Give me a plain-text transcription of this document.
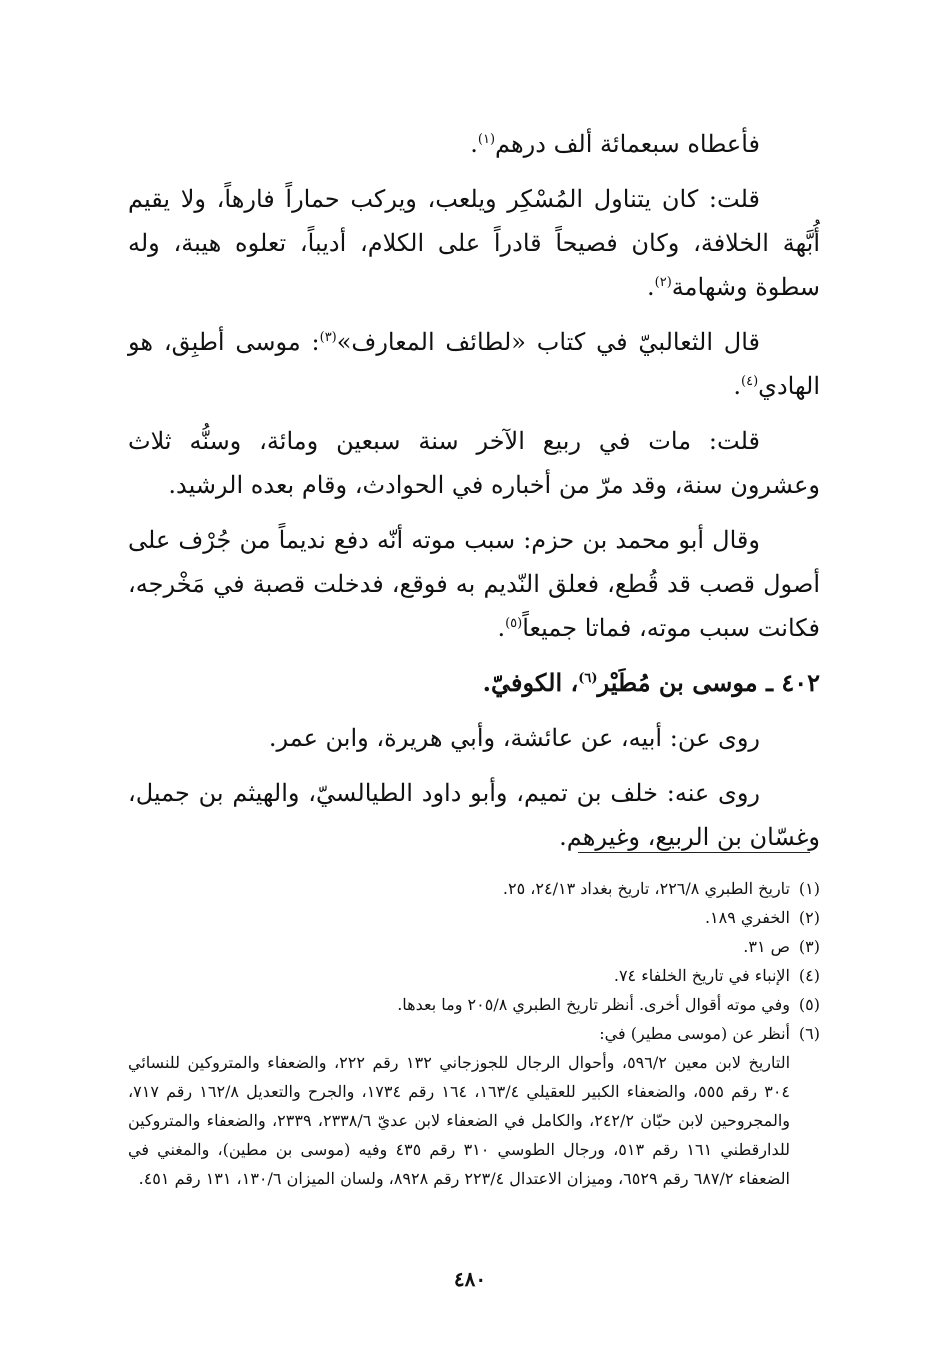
فأعطاه سبعمائة ألف درهم$^{(١)}$.

قلت: كان يتناول المُسْكِر ويلعب، ويركب حماراً فارهاً، ولا يقيم أُبَّهة الخلافة، وكان فصيحاً قادراً على الكلام، أديباً، تعلوه هيبة، وله سطوة وشهامة$^{(٢)}$.

قال الثعالبيّ في كتاب «لطائف المعارف»$^{(٣)}$: موسى أطبِق، هو الهادي$^{(٤)}$.

قلت: مات في ربيع الآخر سنة سبعين ومائة، وسنُّه ثلاث وعشرون سنة، وقد مرّ من أخباره في الحوادث، وقام بعده الرشيد.

وقال أبو محمد بن حزم: سبب موته أنّه دفع نديماً من جُرْف على أصول قصب قد قُطع، فعلق النّديم به فوقع، فدخلت قصبة في مَخْرجه، فكانت سبب موته، فماتا جميعاً$^{(٥)}$.

٤٠٢ ـ موسى بن مُطَيْر$^{(٦)}$، الكوفيّ.

روى عن: أبيه، عن عائشة، وأبي هريرة، وابن عمر.

روى عنه: خلف بن تميم، وأبو داود الطيالسيّ، والهيثم بن جميل، وغسّان بن الربيع، وغيرهم.

(١)
تاريخ الطبري ٢٢٦/٨، تاريخ بغداد ٢٤/١٣، ٢٥.
(٢)
الخفري ١٨٩.
(٣)
ص ٣١.
(٤)
الإنباء في تاريخ الخلفاء ٧٤.
(٥)
وفي موته أقوال أخرى. أنظر تاريخ الطبري ٢٠٥/٨ وما بعدها.
(٦)
أنظر عن (موسى مطير) في:
التاريخ لابن معين ٥٩٦/٢، وأحوال الرجال للجوزجاني ١٣٢ رقم ٢٢٢، والضعفاء والمتروكين للنسائي ٣٠٤ رقم ٥٥٥، والضعفاء الكبير للعقيلي ١٦٣/٤، ١٦٤ رقم ١٧٣٤، والجرح والتعديل ١٦٢/٨ رقم ٧١٧، والمجروحين لابن حبّان ٢٤٢/٢، والكامل في الضعفاء لابن عديّ ٢٣٣٨/٦، ٢٣٣٩، والضعفاء والمتروكين للدارقطني ١٦١ رقم ٥١٣، ورجال الطوسي ٣١٠ رقم ٤٣٥ وفيه (موسى بن مطين)، والمغني في الضعفاء ٦٨٧/٢ رقم ٦٥٢٩، وميزان الاعتدال ٢٢٣/٤ رقم ٨٩٢٨، ولسان الميزان ١٣٠/٦، ١٣١ رقم ٤٥١.
٤٨٠
